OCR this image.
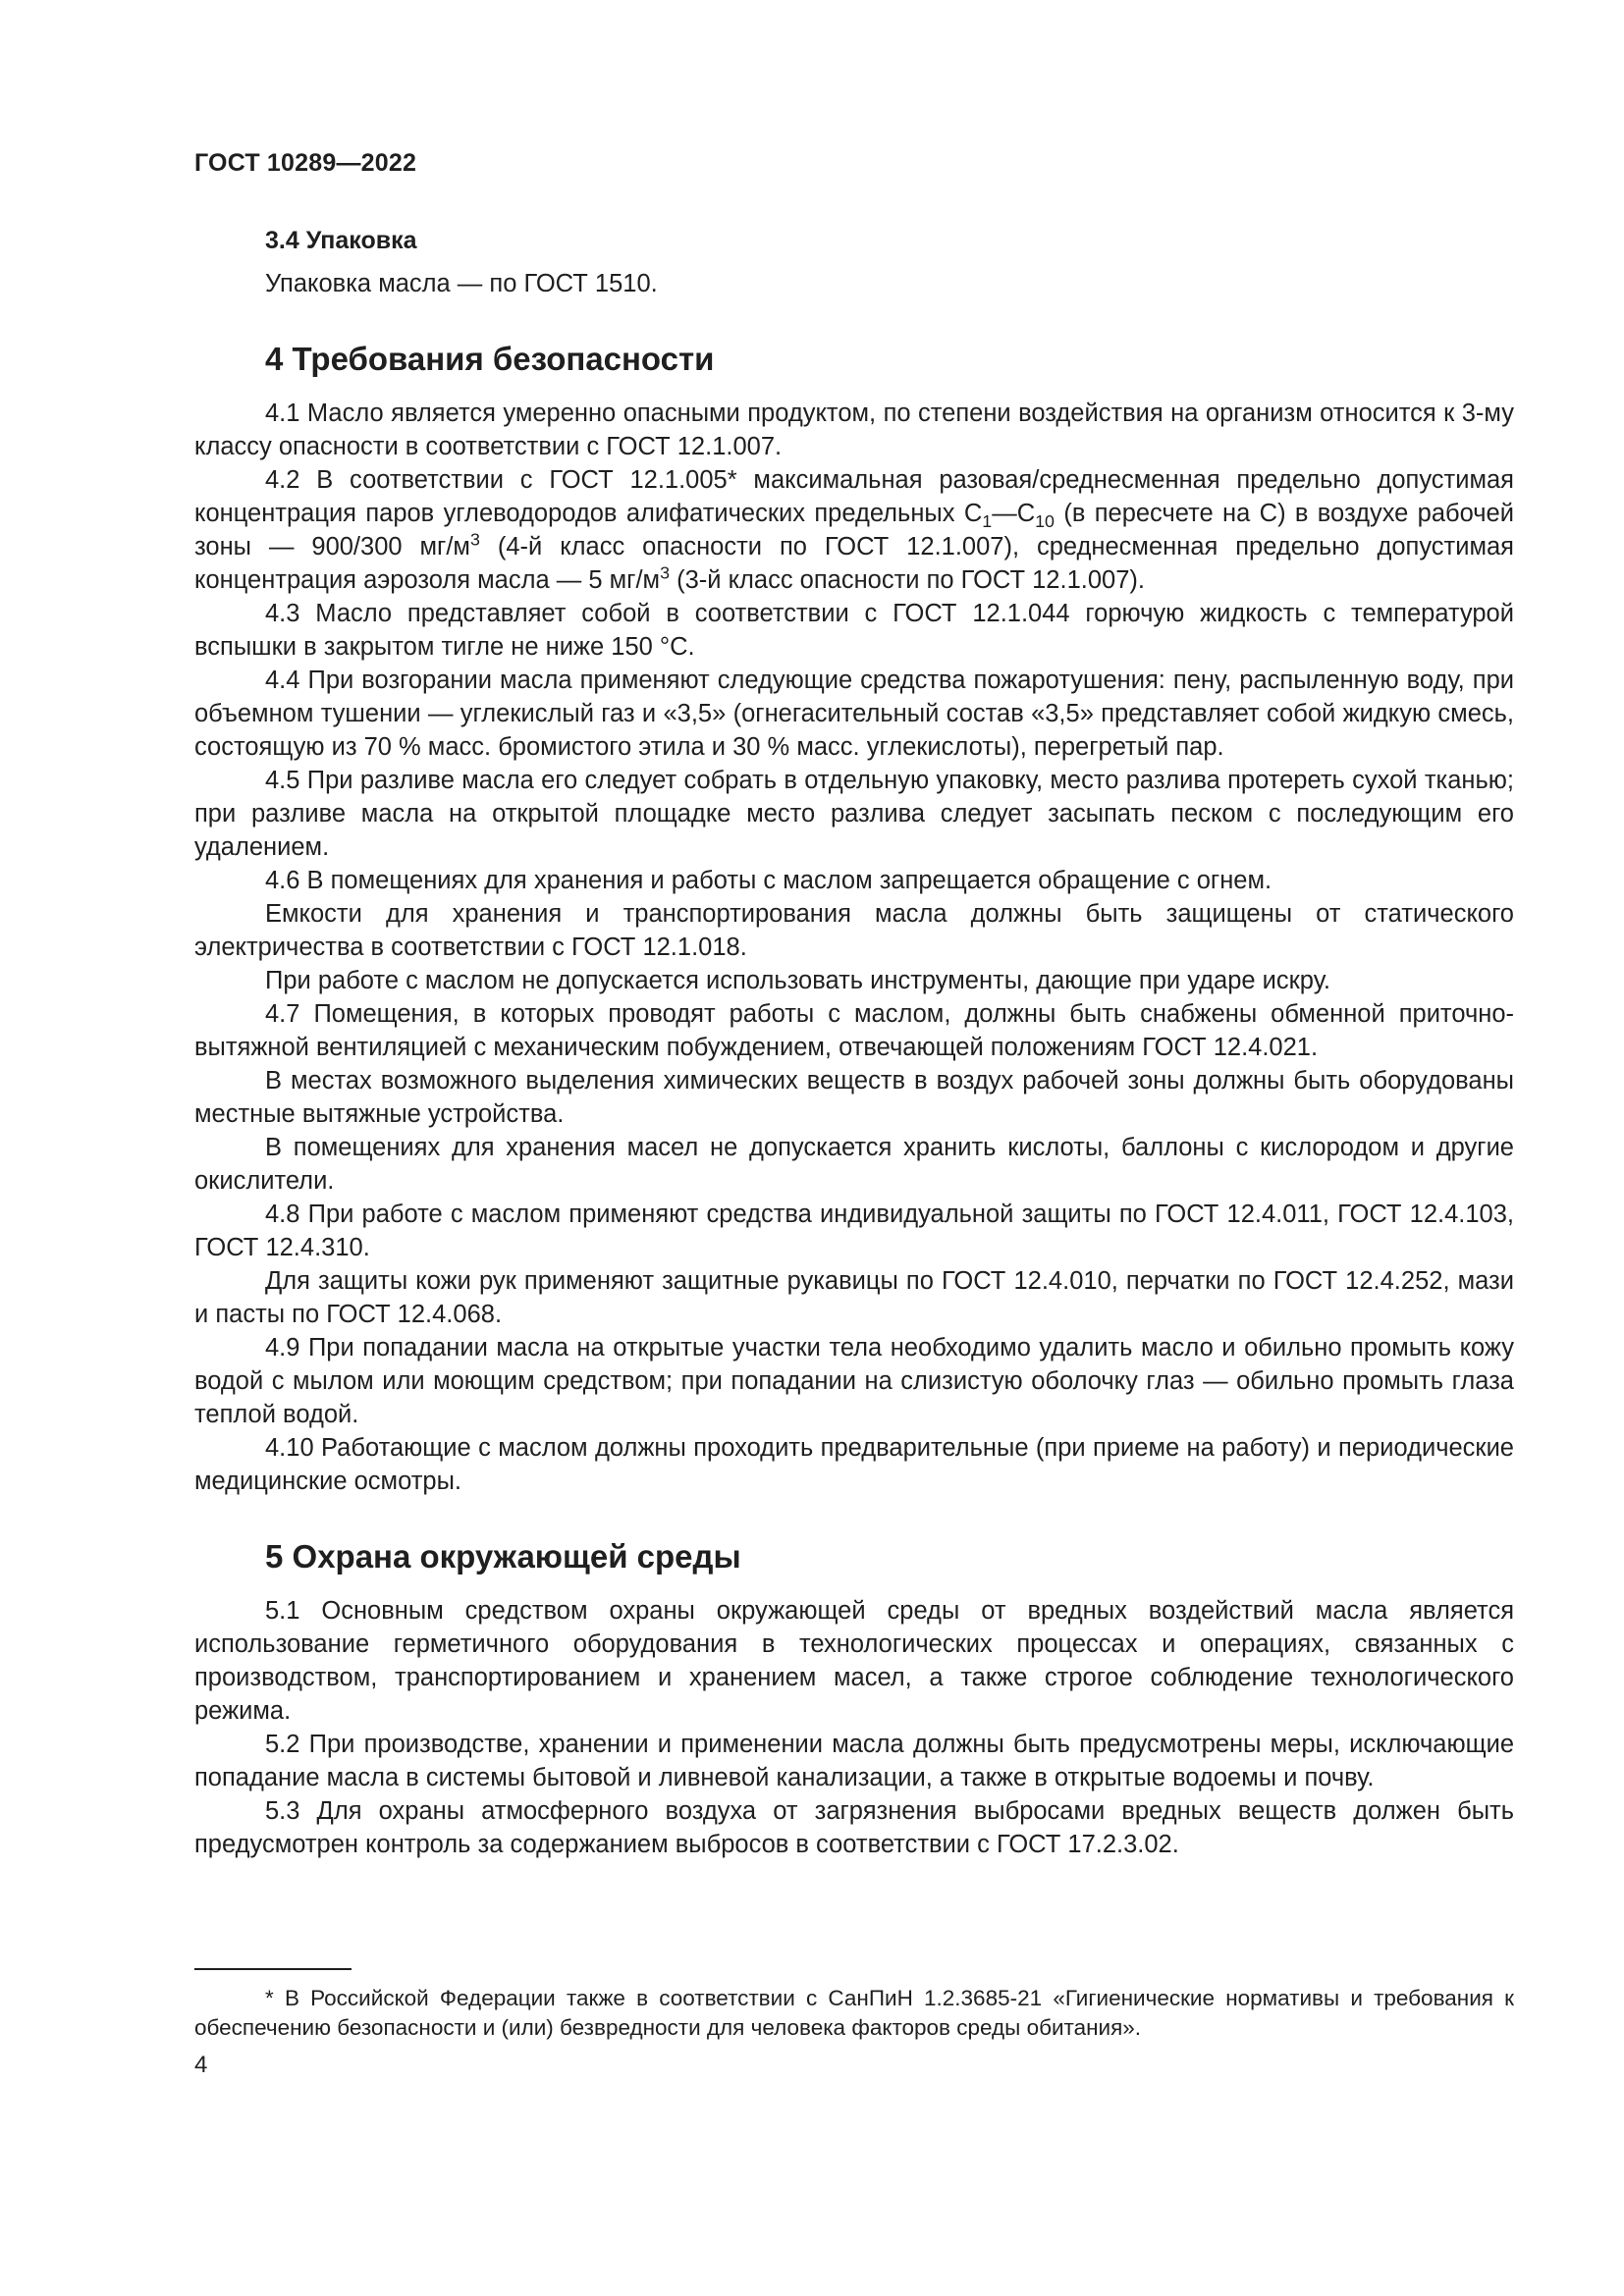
ГОСТ 10289—2022
3.4 Упаковка

Упаковка масла — по ГОСТ 1510.

4 Требования безопасности

4.1 Масло является умеренно опасными продуктом, по степени воздействия на организм относится к 3-му классу опасности в соответствии с ГОСТ 12.1.007.

4.2 В соответствии с ГОСТ 12.1.005* максимальная разовая/среднесменная предельно допустимая концентрация паров углеводородов алифатических предельных $С_1—С_{10}$ (в пересчете на С) в воздухе рабочей зоны — 900/300 $мг/м^3$ (4-й класс опасности по ГОСТ 12.1.007), среднесменная предельно допустимая концентрация аэрозоля масла — 5 $мг/м^3$ (3-й класс опасности по ГОСТ 12.1.007).

4.3 Масло представляет собой в соответствии с ГОСТ 12.1.044 горючую жидкость с температурой вспышки в закрытом тигле не ниже 150 °С.

4.4 При возгорании масла применяют следующие средства пожаротушения: пену, распыленную воду, при объемном тушении — углекислый газ и «3,5» (огнегасительный состав «3,5» представляет собой жидкую смесь, состоящую из 70 % масс. бромистого этила и 30 % масс. углекислоты), перегретый пар.

4.5 При разливе масла его следует собрать в отдельную упаковку, место разлива протереть сухой тканью; при разливе масла на открытой площадке место разлива следует засыпать песком с последующим его удалением.

4.6 В помещениях для хранения и работы с маслом запрещается обращение с огнем.

Емкости для хранения и транспортирования масла должны быть защищены от статического электричества в соответствии с ГОСТ 12.1.018.

При работе с маслом не допускается использовать инструменты, дающие при ударе искру.

4.7 Помещения, в которых проводят работы с маслом, должны быть снабжены обменной приточно-вытяжной вентиляцией с механическим побуждением, отвечающей положениям ГОСТ 12.4.021.

В местах возможного выделения химических веществ в воздух рабочей зоны должны быть оборудованы местные вытяжные устройства.

В помещениях для хранения масел не допускается хранить кислоты, баллоны с кислородом и другие окислители.

4.8 При работе с маслом применяют средства индивидуальной защиты по ГОСТ 12.4.011, ГОСТ 12.4.103, ГОСТ 12.4.310.

Для защиты кожи рук применяют защитные рукавицы по ГОСТ 12.4.010, перчатки по ГОСТ 12.4.252, мази и пасты по ГОСТ 12.4.068.

4.9 При попадании масла на открытые участки тела необходимо удалить масло и обильно промыть кожу водой с мылом или моющим средством; при попадании на слизистую оболочку глаз — обильно промыть глаза теплой водой.

4.10 Работающие с маслом должны проходить предварительные (при приеме на работу) и периодические медицинские осмотры.

5 Охрана окружающей среды

5.1 Основным средством охраны окружающей среды от вредных воздействий масла является использование герметичного оборудования в технологических процессах и операциях, связанных с производством, транспортированием и хранением масел, а также строгое соблюдение технологического режима.

5.2 При производстве, хранении и применении масла должны быть предусмотрены меры, исключающие попадание масла в системы бытовой и ливневой канализации, а также в открытые водоемы и почву.

5.3 Для охраны атмосферного воздуха от загрязнения выбросами вредных веществ должен быть предусмотрен контроль за содержанием выбросов в соответствии с ГОСТ 17.2.3.02.

* В Российской Федерации также в соответствии с СанПиН 1.2.3685-21 «Гигиенические нормативы и требования к обеспечению безопасности и (или) безвредности для человека факторов среды обитания».

4
